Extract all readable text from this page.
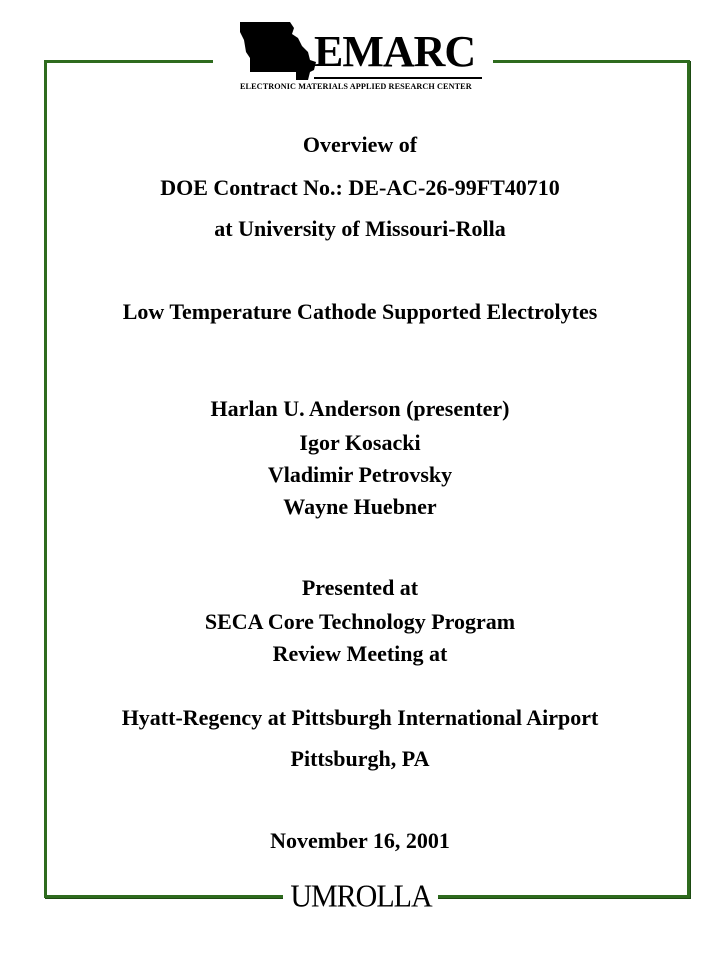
EMARC
ELECTRONIC MATERIALS APPLIED RESEARCH CENTER
Overview of
DOE Contract No.: DE-AC-26-99FT40710
at University of Missouri-Rolla
Low Temperature Cathode Supported Electrolytes
Harlan U. Anderson (presenter)
Igor Kosacki
Vladimir Petrovsky
Wayne Huebner
Presented at
SECA Core Technology Program
Review Meeting at
Hyatt-Regency at Pittsburgh International Airport
Pittsburgh, PA
November 16, 2001
UMROLLA
